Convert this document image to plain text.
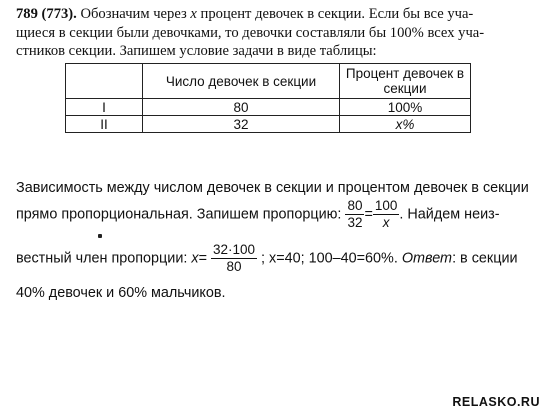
789 (773). Обозначим через x процент девочек в секции. Если бы все уча-
щиеся в секции были девочками, то девочки составляли бы 100% всех уча-
стников секции. Запишем условие задачи в виде таблицы:
	Число девочек в секции	Процент девочек в секции
I	80	100%
II	32	x%
Зависимость между числом девочек в секции и процентом девочек в секции
прямо пропорциональная. Запишем пропорцию: $\frac{80}{32} = \frac{100}{x}$ . Найдем неиз-
вестный член пропорции: $x= \frac{32\cdot 100}{80}$ ; x=40; 100–40=60%. Ответ: в секции
40% девочек и 60% мальчиков.
RELASKO.RU
